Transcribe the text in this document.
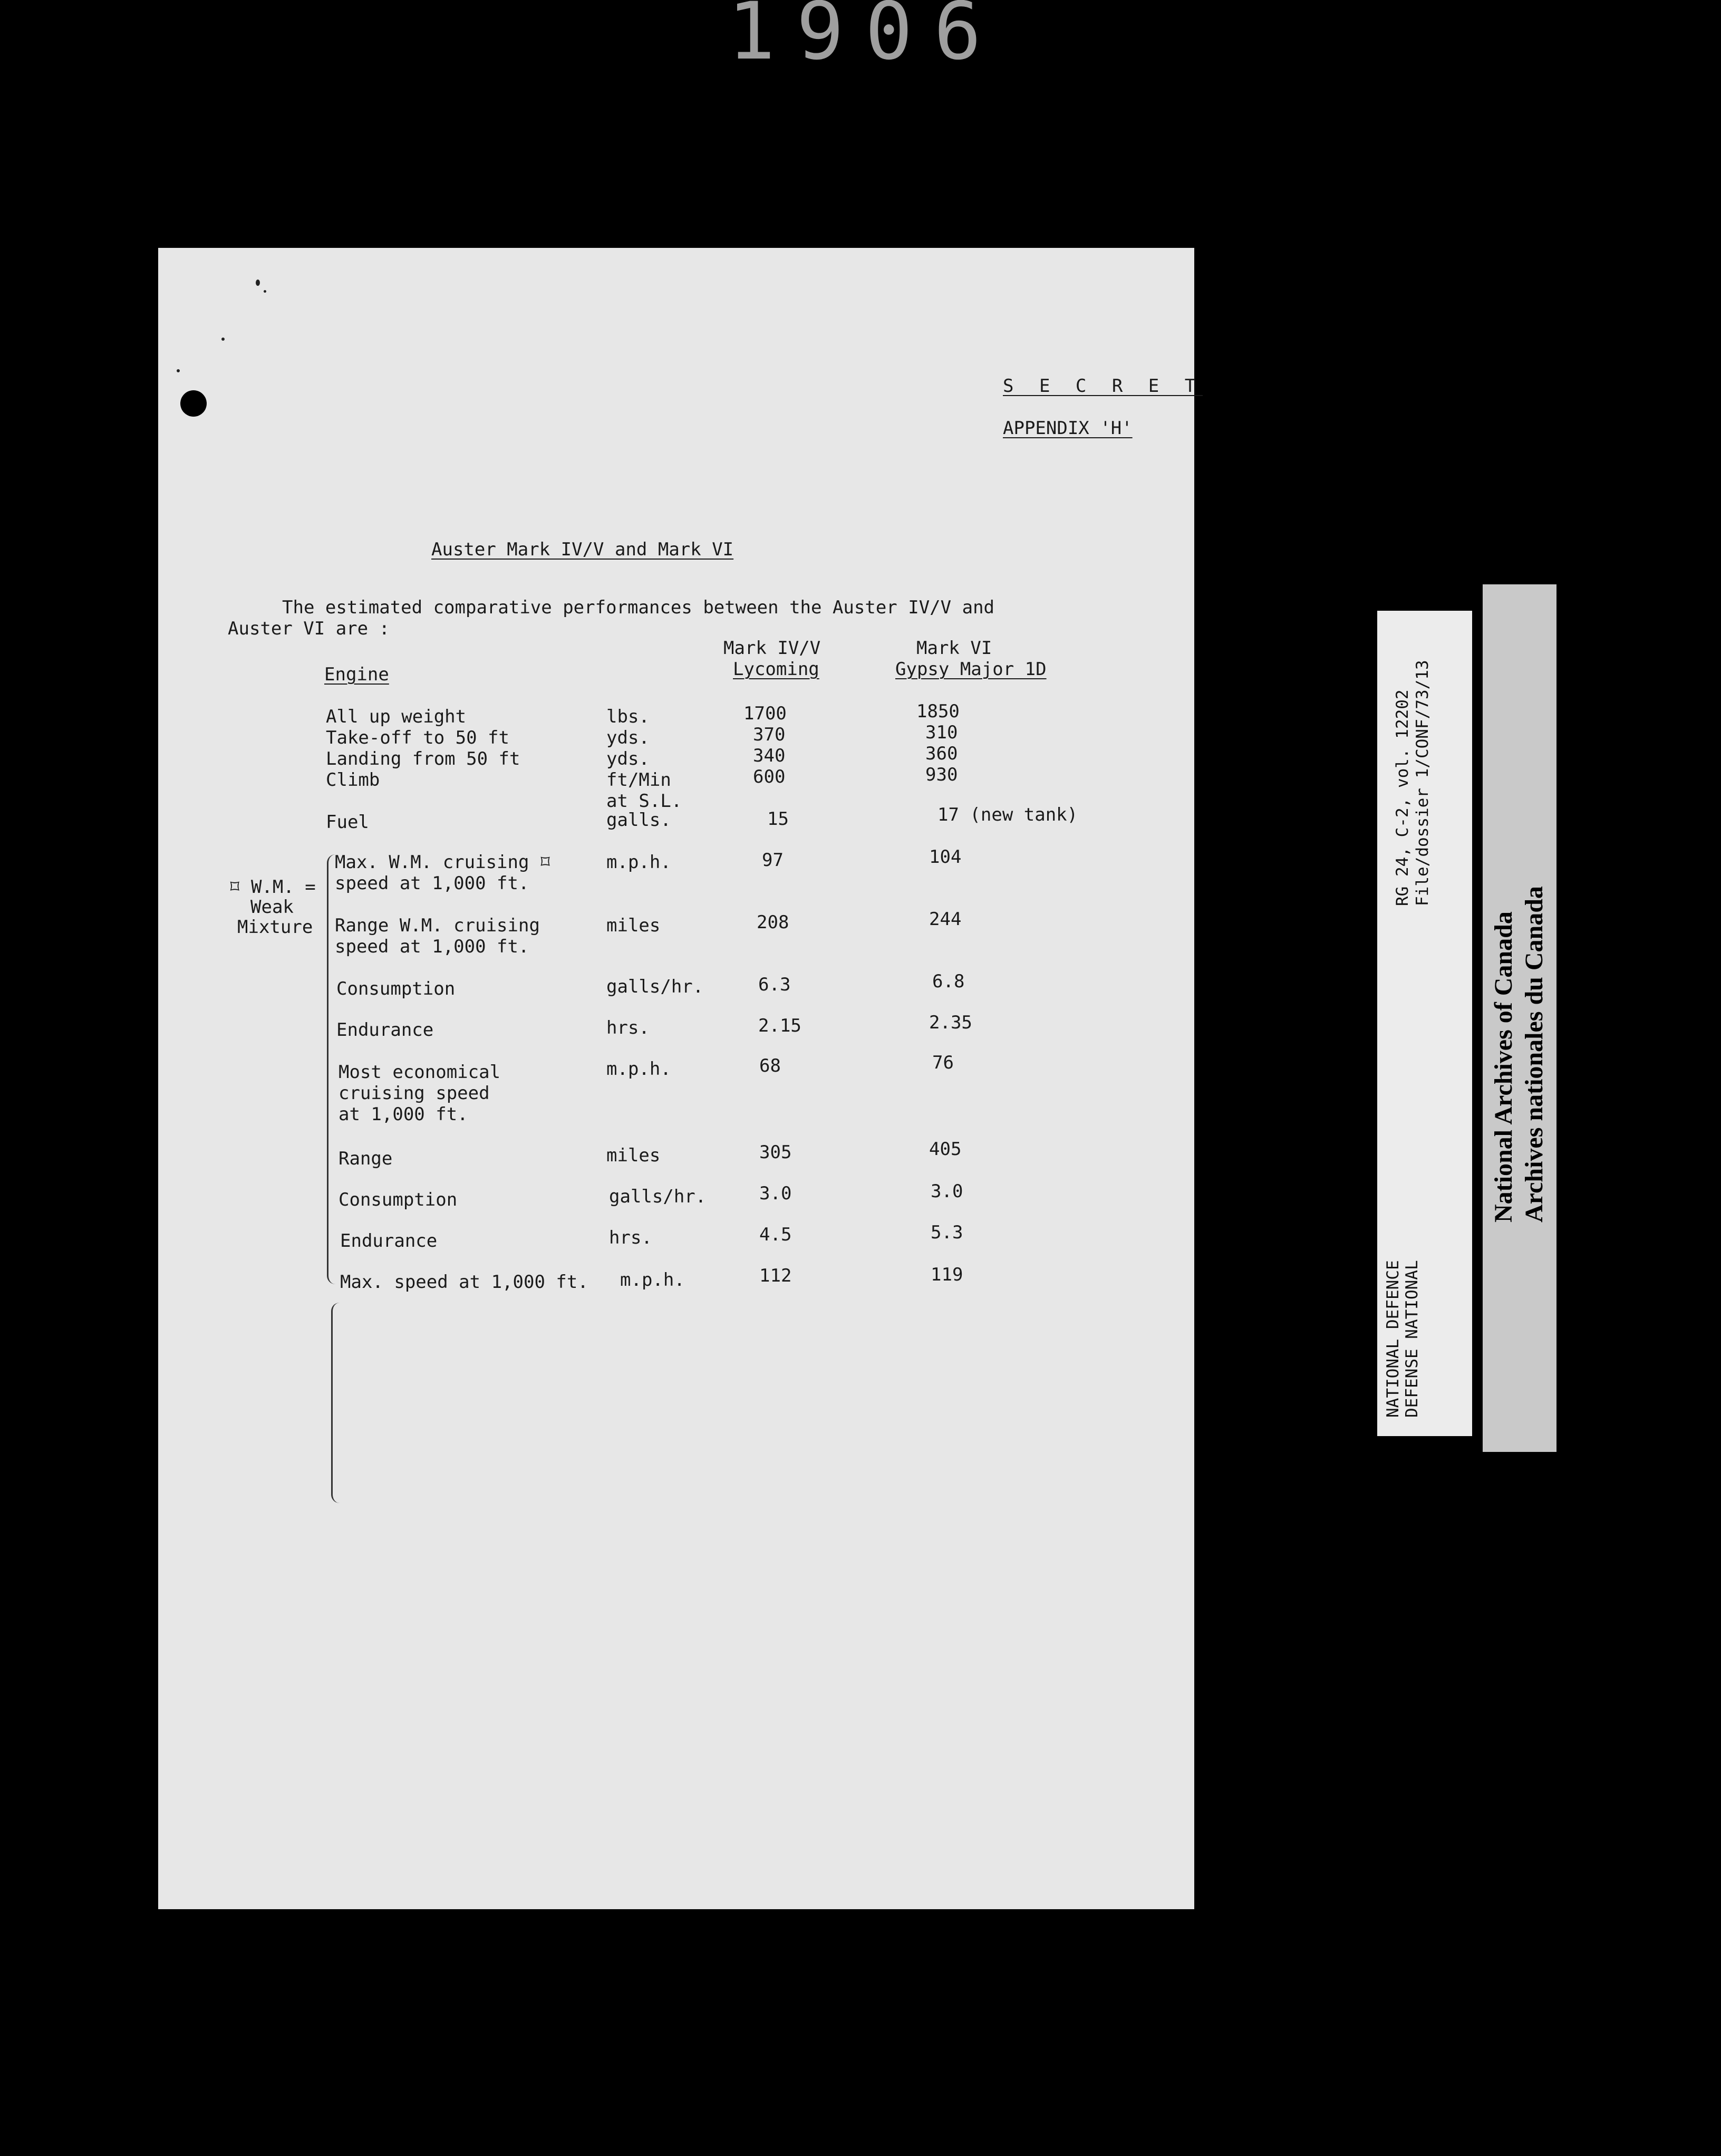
1906
S E C R E T
APPENDIX 'H'
Auster Mark IV/V and Mark VI
The estimated comparative performances between the Auster IV/V and
Auster VI are :
Mark IV/V
Lycoming
Mark VI
Gypsy Major 1D
Engine
⌑ W.M. =
Weak
Mixture
All up weight	lbs.	1700	1850
Take-off to 50 ft	yds.	370	310
Landing from 50 ft	yds.	340	360
Climb	ft/Min	600	930
at S.L.
Fuel	galls.	15	17 (new tank)
Max. W.M. cruising ⌑	m.p.h.	97	104
speed at 1,000 ft.
Range W.M. cruising	miles	208	244
speed at 1,000 ft.
Consumption	galls/hr.	6.3	6.8
Endurance	hrs.	2.15	2.35
Most economical	m.p.h.	68	76
cruising speed
at 1,000 ft.
Range	miles	305	405
Consumption	galls/hr.	3.0	3.0
Endurance	hrs.	4.5	5.3
Max. speed at 1,000 ft. m.p.h.	112	119
RG 24, C-2, vol. 12202 File/dossier 1/CONF/73/13
NATIONAL DEFENCE DEFENSE NATIONAL
National Archives of Canada Archives nationales du Canada
